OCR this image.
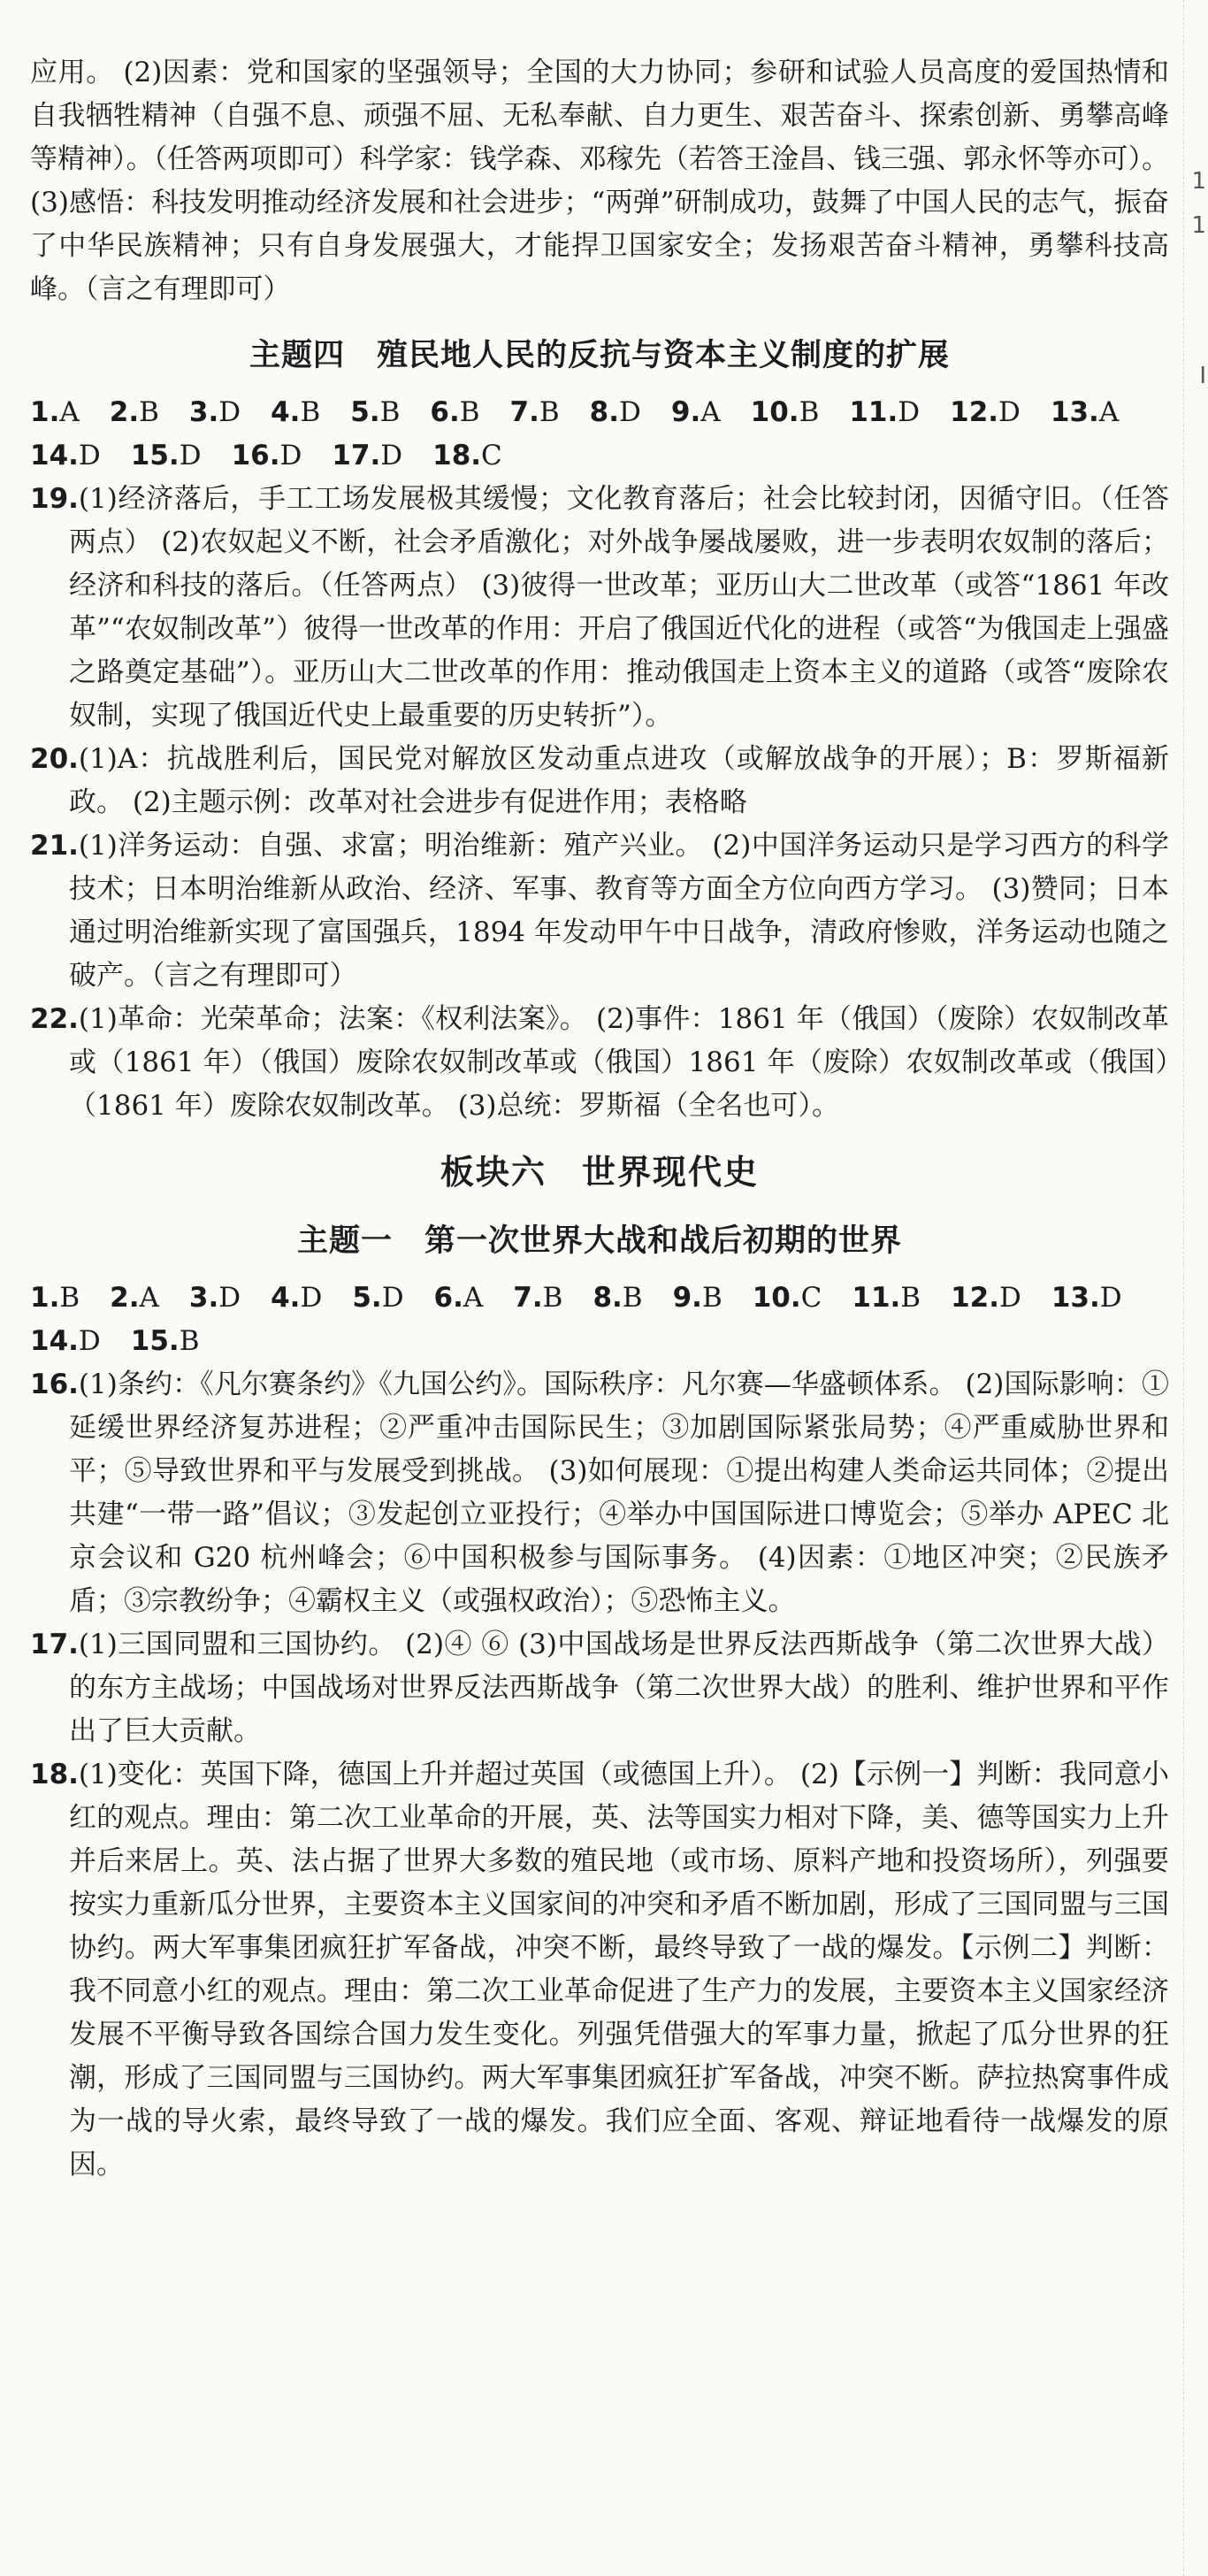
1
1
I

应用。 (2)因素：党和国家的坚强领导；全国的大力协同；参研和试验人员高度的爱国热情和自我牺牲精神（自强不息、顽强不屈、无私奉献、自力更生、艰苦奋斗、探索创新、勇攀高峰等精神）。（任答两项即可）科学家：钱学森、邓稼先（若答王淦昌、钱三强、郭永怀等亦可）。 (3)感悟：科技发明推动经济发展和社会进步；“两弹”研制成功，鼓舞了中国人民的志气，振奋了中华民族精神；只有自身发展强大，才能捍卫国家安全；发扬艰苦奋斗精神，勇攀科技高峰。（言之有理即可）

主题四　殖民地人民的反抗与资本主义制度的扩展
1.A 2.B 3.D 4.B 5.B 6.B 7.B 8.D 9.A 10.B 11.D 12.D 13.A14.D 15.D 16.D 17.D 18.C

19.(1)经济落后，手工工场发展极其缓慢；文化教育落后；社会比较封闭，因循守旧。（任答两点） (2)农奴起义不断，社会矛盾激化；对外战争屡战屡败，进一步表明农奴制的落后；经济和科技的落后。（任答两点） (3)彼得一世改革；亚历山大二世改革（或答“1861 年改革”“农奴制改革”）彼得一世改革的作用：开启了俄国近代化的进程（或答“为俄国走上强盛之路奠定基础”）。亚历山大二世改革的作用：推动俄国走上资本主义的道路（或答“废除农奴制，实现了俄国近代史上最重要的历史转折”）。

20.(1)A：抗战胜利后，国民党对解放区发动重点进攻（或解放战争的开展）；B：罗斯福新政。 (2)主题示例：改革对社会进步有促进作用；表格略

21.(1)洋务运动：自强、求富；明治维新：殖产兴业。 (2)中国洋务运动只是学习西方的科学技术；日本明治维新从政治、经济、军事、教育等方面全方位向西方学习。 (3)赞同；日本通过明治维新实现了富国强兵，1894 年发动甲午中日战争，清政府惨败，洋务运动也随之破产。（言之有理即可）

22.(1)革命：光荣革命；法案：《权利法案》。 (2)事件：1861 年（俄国）（废除）农奴制改革或（1861 年）（俄国）废除农奴制改革或（俄国）1861 年（废除）农奴制改革或（俄国）（1861 年）废除农奴制改革。 (3)总统：罗斯福（全名也可）。

板块六　世界现代史
主题一　第一次世界大战和战后初期的世界
1.B 2.A 3.D 4.D 5.D 6.A 7.B 8.B 9.B 10.C 11.B 12.D 13.D14.D 15.B

16.(1)条约：《凡尔赛条约》《九国公约》。国际秩序：凡尔赛—华盛顿体系。 (2)国际影响：①延缓世界经济复苏进程；②严重冲击国际民生；③加剧国际紧张局势；④严重威胁世界和平；⑤导致世界和平与发展受到挑战。 (3)如何展现：①提出构建人类命运共同体；②提出共建“一带一路”倡议；③发起创立亚投行；④举办中国国际进口博览会；⑤举办 APEC 北京会议和 G20 杭州峰会；⑥中国积极参与国际事务。 (4)因素：①地区冲突；②民族矛盾；③宗教纷争；④霸权主义（或强权政治）；⑤恐怖主义。

17.(1)三国同盟和三国协约。 (2)④ ⑥ (3)中国战场是世界反法西斯战争（第二次世界大战）的东方主战场；中国战场对世界反法西斯战争（第二次世界大战）的胜利、维护世界和平作出了巨大贡献。

18.(1)变化：英国下降，德国上升并超过英国（或德国上升）。 (2)【示例一】判断：我同意小红的观点。理由：第二次工业革命的开展，英、法等国实力相对下降，美、德等国实力上升并后来居上。英、法占据了世界大多数的殖民地（或市场、原料产地和投资场所），列强要按实力重新瓜分世界，主要资本主义国家间的冲突和矛盾不断加剧，形成了三国同盟与三国协约。两大军事集团疯狂扩军备战，冲突不断，最终导致了一战的爆发。【示例二】判断：我不同意小红的观点。理由：第二次工业革命促进了生产力的发展，主要资本主义国家经济发展不平衡导致各国综合国力发生变化。列强凭借强大的军事力量，掀起了瓜分世界的狂潮，形成了三国同盟与三国协约。两大军事集团疯狂扩军备战，冲突不断。萨拉热窝事件成为一战的导火索，最终导致了一战的爆发。我们应全面、客观、辩证地看待一战爆发的原因。
